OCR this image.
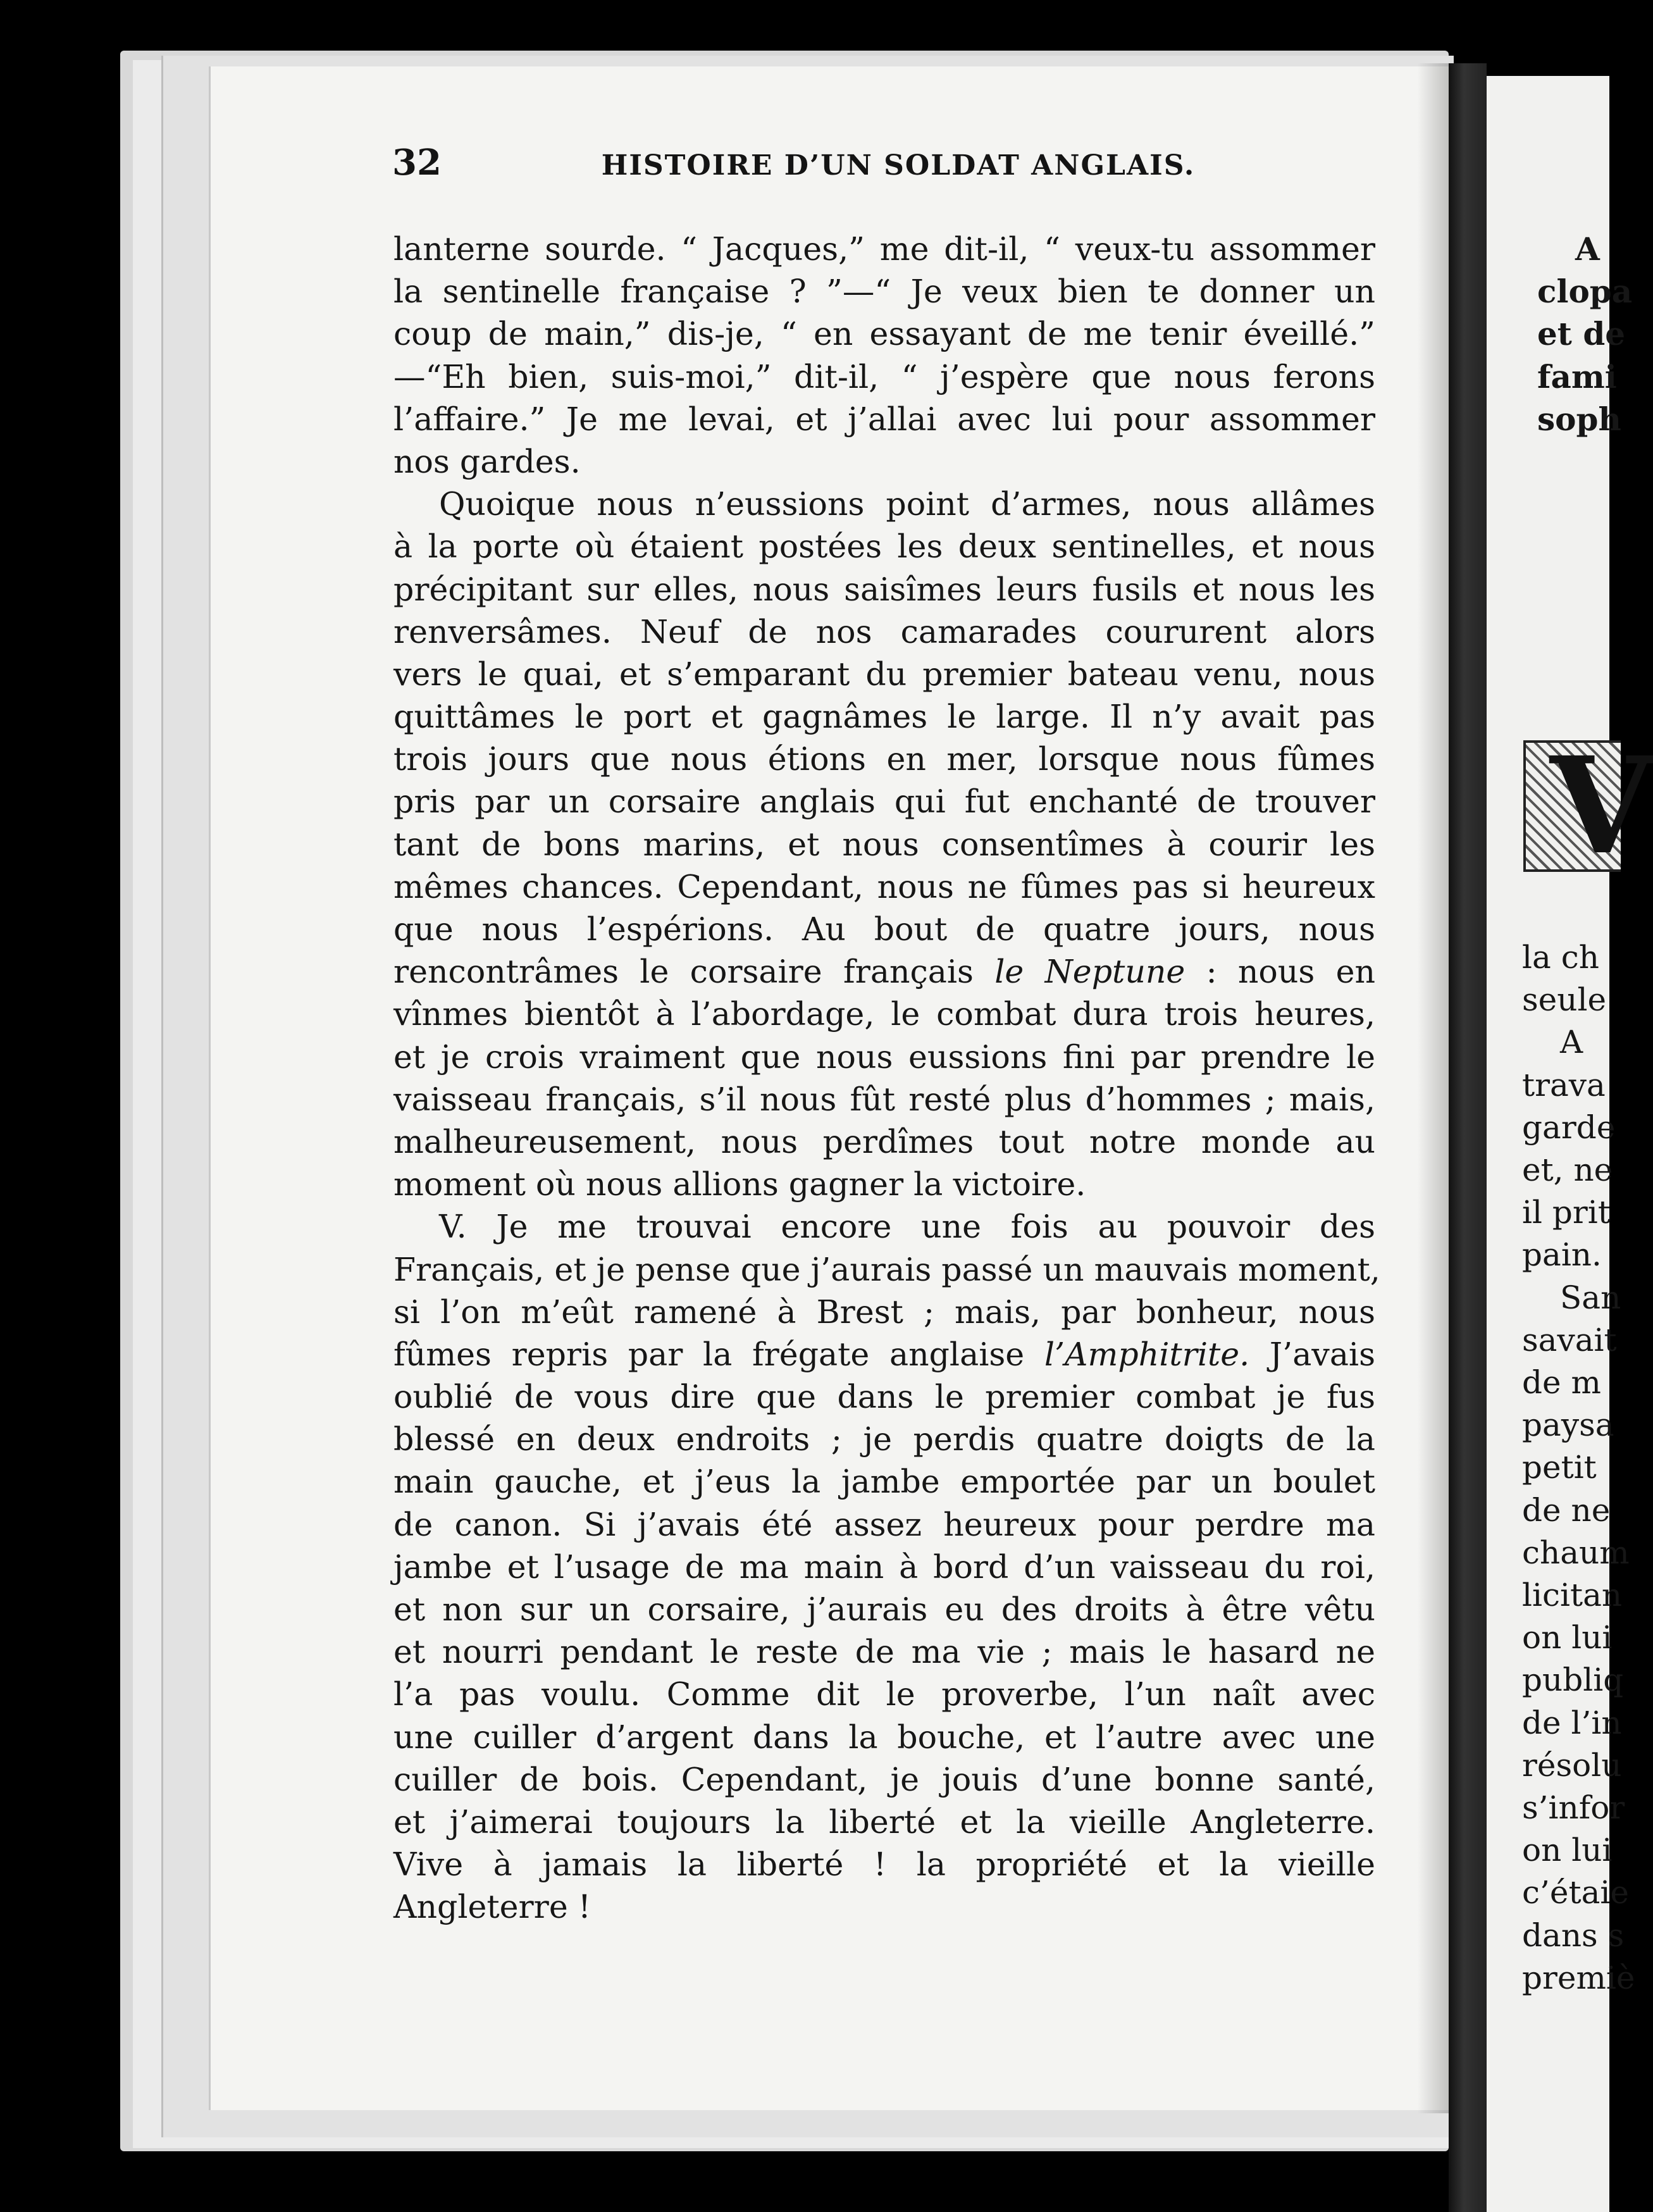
32	HISTOIRE D’UN SOLDAT ANGLAIS.
lanterne sourde. “ Jacques,” me dit-il, “ veux-tu assommer
la sentinelle française ? ”—“ Je veux bien te donner un
coup de main,” dis-je, “ en essayant de me tenir éveillé.”
—“Eh bien, suis-moi,” dit-il, “ j’espère que nous ferons
l’affaire.” Je me levai, et j’allai avec lui pour assommer
nos gardes.
Quoique nous n’eussions point d’armes, nous allâmes
à la porte où étaient postées les deux sentinelles, et nous
précipitant sur elles, nous saisîmes leurs fusils et nous les
renversâmes. Neuf de nos camarades coururent alors
vers le quai, et s’emparant du premier bateau venu, nous
quittâmes le port et gagnâmes le large. Il n’y avait pas
trois jours que nous étions en mer, lorsque nous fûmes
pris par un corsaire anglais qui fut enchanté de trouver
tant de bons marins, et nous consentîmes à courir les
mêmes chances. Cependant, nous ne fûmes pas si heureux
que nous l’espérions. Au bout de quatre jours, nous
rencontrâmes le corsaire français le Neptune : nous en
vînmes bientôt à l’abordage, le combat dura trois heures,
et je crois vraiment que nous eussions fini par prendre le
vaisseau français, s’il nous fût resté plus d’hommes ; mais,
malheureusement, nous perdîmes tout notre monde au
moment où nous allions gagner la victoire.
V. Je me trouvai encore une fois au pouvoir des
Français, et je pense que j’aurais passé un mauvais moment,
si l’on m’eût ramené à Brest ; mais, par bonheur, nous
fûmes repris par la frégate anglaise l’Amphitrite. J’avais
oublié de vous dire que dans le premier combat je fus
blessé en deux endroits ; je perdis quatre doigts de la
main gauche, et j’eus la jambe emportée par un boulet
de canon. Si j’avais été assez heureux pour perdre ma
jambe et l’usage de ma main à bord d’un vaisseau du roi,
et non sur un corsaire, j’aurais eu des droits à être vêtu
et nourri pendant le reste de ma vie ; mais le hasard ne
l’a pas voulu. Comme dit le proverbe, l’un naît avec
une cuiller d’argent dans la bouche, et l’autre avec une
cuiller de bois. Cependant, je jouis d’une bonne santé,
et j’aimerai toujours la liberté et la vieille Angleterre.
Vive à jamais la liberté ! la propriété et la vieille
Angleterre !
A
clopa
et de
fami
soph
V
la ch
seule
A
trava
garde
et, ne
il prit
pain.
San
savait
de m
paysa
petit
de ne
chaum
licitan
on lui
publiq
de l’in
résolu
s’infor
on lui
c’étaie
dans s
premiè
